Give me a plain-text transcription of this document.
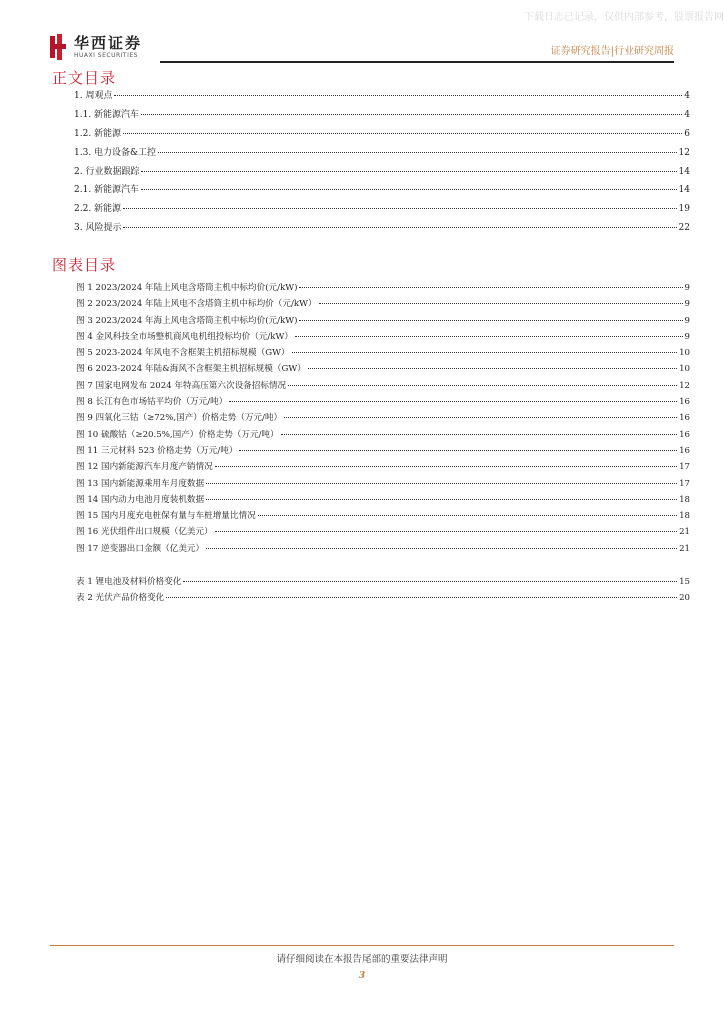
下载日志已记录，仅供内部参考，股票报告网
华西证券
HUAXI SECURITIES	证券研究报告|行业研究周报
正文目录
1. 周观点	4
1.1. 新能源汽车	4
1.2. 新能源	6
1.3. 电力设备&工控	12
2. 行业数据跟踪	14
2.1. 新能源汽车	14
2.2. 新能源	19
3. 风险提示	22
图表目录
图 1 2023/2024 年陆上风电含塔筒主机中标均价(元/kW)	9
图 2 2023/2024 年陆上风电不含塔筒主机中标均价（元/kW）	9
图 3 2023/2024 年海上风电含塔筒主机中标均价(元/kW)	9
图 4 金风科技全市场整机商风电机组投标均价（元/kW）	9
图 5 2023-2024 年风电不含框架主机招标规模（GW）	10
图 6 2023-2024 年陆&海风不含框架主机招标规模（GW）	10
图 7 国家电网发布 2024 年特高压第六次设备招标情况	12
图 8 长江有色市场钴平均价（万元/吨）	16
图 9 四氧化三钴（≥72%,国产）价格走势（万元/吨）	16
图 10 硫酸钴（≥20.5%,国产）价格走势（万元/吨）	16
图 11 三元材料 523 价格走势（万元/吨）	16
图 12 国内新能源汽车月度产销情况	17
图 13 国内新能源乘用车月度数据	17
图 14 国内动力电池月度装机数据	18
图 15 国内月度充电桩保有量与车桩增量比情况	18
图 16 光伏组件出口规模（亿美元）	21
图 17 逆变器出口金额（亿美元）	21
表 1 锂电池及材料价格变化	15
表 2 光伏产品价格变化	20
请仔细阅读在本报告尾部的重要法律声明
3
